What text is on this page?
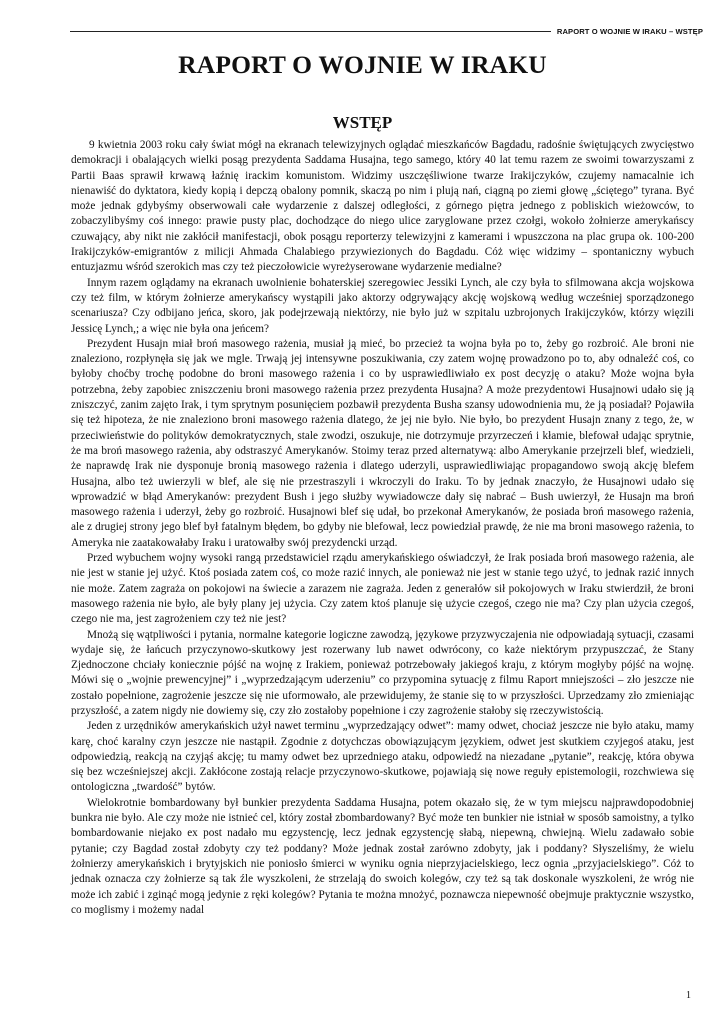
RAPORT O WOJNIE W IRAKU – WSTĘP
RAPORT O WOJNIE W IRAKU
WSTĘP

9 kwietnia 2003 roku cały świat mógł na ekranach telewizyjnych oglądać mieszkańców Bagdadu, radośnie świętujących zwycięstwo demokracji i obalających wielki posąg prezydenta Saddama Husajna, tego samego, który 40 lat temu razem ze swoimi towarzyszami z Partii Baas sprawił krwawą łaźnię irackim komunistom. Widzimy uszczęśliwione twarze Irakijczyków, czujemy namacalnie ich nienawiść do dyktatora, kiedy kopią i depczą obalony pomnik, skaczą po nim i plują nań, ciągną po ziemi głowę „ściętego” tyrana. Być może jednak gdybyśmy obserwowali całe wydarzenie z dalszej odległości, z górnego piętra jednego z pobliskich wieżowców, to zobaczylibyśmy coś innego: prawie pusty plac, dochodzące do niego ulice zaryglowane przez czołgi, wokoło żołnierze amerykańscy czuwający, aby nikt nie zakłócił manifestacji, obok posągu reporterzy telewizyjni z kamerami i wpuszczona na plac grupa ok. 100-200 Irakijczyków-emigrantów z milicji Ahmada Chalabiego przywiezionych do Bagdadu. Cóż więc widzimy – spontaniczny wybuch entuzjazmu wśród szerokich mas czy też pieczołowicie wyreżyserowane wydarzenie medialne?

Innym razem oglądamy na ekranach uwolnienie bohaterskiej szeregowiec Jessiki Lynch, ale czy była to sfilmowana akcja wojskowa czy też film, w którym żołnierze amerykańscy wystąpili jako aktorzy odgrywający akcję wojskową według wcześniej sporządzonego scenariusza? Czy odbijano jeńca, skoro, jak podejrzewają niektórzy, nie było już w szpitalu uzbrojonych Irakijczyków, którzy więzili Jessicę Lynch,; a więc nie była ona jeńcem?

Prezydent Husajn miał broń masowego rażenia, musiał ją mieć, bo przecież ta wojna była po to, żeby go rozbroić. Ale broni nie znaleziono, rozpłynęła się jak we mgle. Trwają jej intensywne poszukiwania, czy zatem wojnę prowadzono po to, aby odnaleźć coś, co byłoby choćby trochę podobne do broni masowego rażenia i co by usprawiedliwiało ex post decyzję o ataku? Może wojna była potrzebna, żeby zapobiec zniszczeniu broni masowego rażenia przez prezydenta Husajna? A może prezydentowi Husajnowi udało się ją zniszczyć, zanim zajęto Irak, i tym sprytnym posunięciem pozbawił prezydenta Busha szansy udowodnienia mu, że ją posiadał? Pojawiła się też hipoteza, że nie znaleziono broni masowego rażenia dlatego, że jej nie było. Nie było, bo prezydent Husajn znany z tego, że, w przeciwieństwie do polityków demokratycznych, stale zwodzi, oszukuje, nie dotrzymuje przyrzeczeń i kłamie, blefował udając sprytnie, że ma broń masowego rażenia, aby odstraszyć Amerykanów. Stoimy teraz przed alternatywą: albo Amerykanie przejrzeli blef, wiedzieli, że naprawdę Irak nie dysponuje bronią masowego rażenia i dlatego uderzyli, usprawiedliwiając propagandowo swoją akcję blefem Husajna, albo też uwierzyli w blef, ale się nie przestraszyli i wkroczyli do Iraku. To by jednak znaczyło, że Husajnowi udało się wprowadzić w błąd Amerykanów: prezydent Bush i jego służby wywiadowcze dały się nabrać – Bush uwierzył, że Husajn ma broń masowego rażenia i uderzył, żeby go rozbroić. Husajnowi blef się udał, bo przekonał Amerykanów, że posiada broń masowego rażenia, ale z drugiej strony jego blef był fatalnym błędem, bo gdyby nie blefował, lecz powiedział prawdę, że nie ma broni masowego rażenia, to Ameryka nie zaatakowałaby Iraku i uratowałby swój prezydencki urząd.

Przed wybuchem wojny wysoki rangą przedstawiciel rządu amerykańskiego oświadczył, że Irak posiada broń masowego rażenia, ale nie jest w stanie jej użyć. Ktoś posiada zatem coś, co może razić innych, ale ponieważ nie jest w stanie tego użyć, to jednak razić innych nie może. Zatem zagraża on pokojowi na świecie a zarazem nie zagraża. Jeden z generałów sił pokojowych w Iraku stwierdził, że broni masowego rażenia nie było, ale były plany jej użycia. Czy zatem ktoś planuje się użycie czegoś, czego nie ma? Czy plan użycia czegoś, czego nie ma, jest zagrożeniem czy też nie jest?

Mnożą się wątpliwości i pytania, normalne kategorie logiczne zawodzą, językowe przyzwyczajenia nie odpowiadają sytuacji, czasami wydaje się, że łańcuch przyczynowo-skutkowy jest rozerwany lub nawet odwrócony, co każe niektórym przypuszczać, że Stany Zjednoczone chciały koniecznie pójść na wojnę z Irakiem, ponieważ potrzebowały jakiegoś kraju, z którym mogłyby pójść na wojnę. Mówi się o „wojnie prewencyjnej” i „wyprzedzającym uderzeniu” co przypomina sytuację z filmu Raport mniejszości – zło jeszcze nie zostało popełnione, zagrożenie jeszcze się nie uformowało, ale przewidujemy, że stanie się to w przyszłości. Uprzedzamy zło zmieniając przyszłość, a zatem nigdy nie dowiemy się, czy zło zostałoby popełnione i czy zagrożenie stałoby się rzeczywistością.

Jeden z urzędników amerykańskich użył nawet terminu „wyprzedzający odwet”: mamy odwet, chociaż jeszcze nie było ataku, mamy karę, choć karalny czyn jeszcze nie nastąpił. Zgodnie z dotychczas obowiązującym językiem, odwet jest skutkiem czyjegoś ataku, jest odpowiedzią, reakcją na czyjąś akcję; tu mamy odwet bez uprzedniego ataku, odpowiedź na niezadane „pytanie”, reakcję, która obywa się bez wcześniejszej akcji. Zakłócone zostają relacje przyczynowo-skutkowe, pojawiają się nowe reguły epistemologii, rozchwiewa się ontologiczna „twardość” bytów.

Wielokrotnie bombardowany był bunkier prezydenta Saddama Husajna, potem okazało się, że w tym miejscu najprawdopodobniej bunkra nie było. Ale czy może nie istnieć cel, który został zbombardowany? Być może ten bunkier nie istniał w sposób samoistny, a tylko bombardowanie niejako ex post nadało mu egzystencję, lecz jednak egzystencję słabą, niepewną, chwiejną. Wielu zadawało sobie pytanie; czy Bagdad został zdobyty czy też poddany? Może jednak został zarówno zdobyty, jak i poddany? Słyszeliśmy, że wielu żołnierzy amerykańskich i brytyjskich nie poniosło śmierci w wyniku ognia nieprzyjacielskiego, lecz ognia „przyjacielskiego”. Cóż to jednak oznacza czy żołnierze są tak źle wyszkoleni, że strzelają do swoich kolegów, czy też są tak doskonale wyszkoleni, że wróg nie może ich zabić i zginąć mogą jedynie z ręki kolegów? Pytania te można mnożyć, poznawcza niepewność obejmuje praktycznie wszystko, co moglismy i możemy nadal

1
